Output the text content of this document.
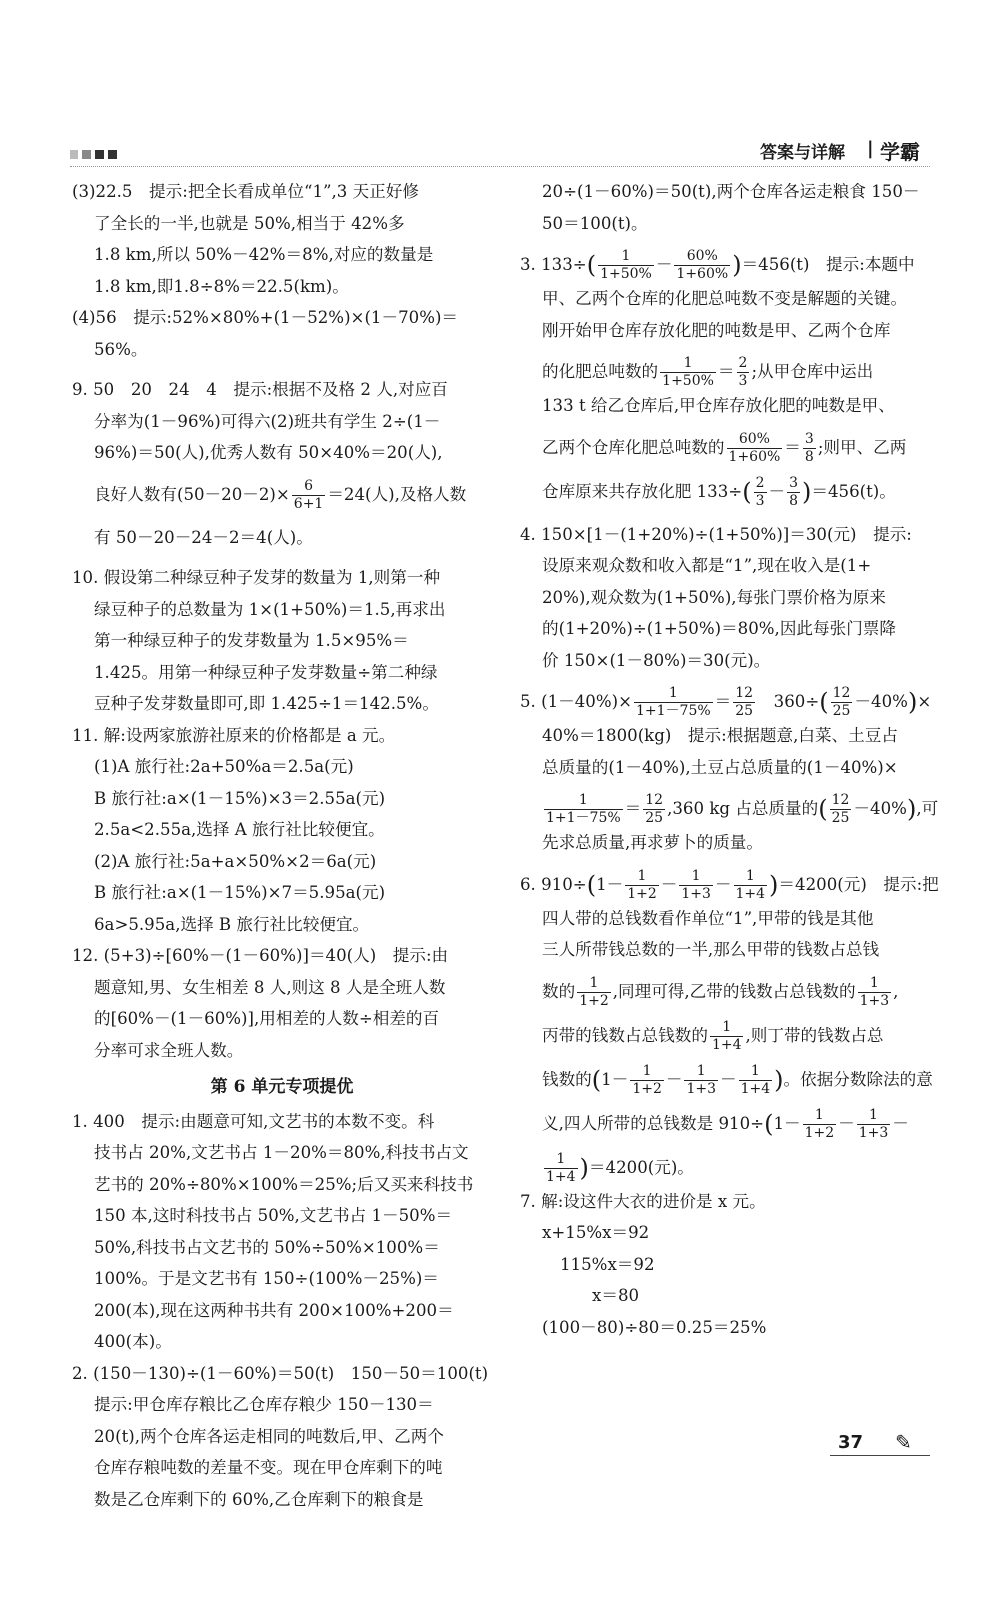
答案与详解 | 学霸

(3)22.5　提示:把全长看成单位“1”,3 天正好修

了全长的一半,也就是 50%,相当于 42%多

1.8 km,所以 50%－42%＝8%,对应的数量是

1.8 km,即1.8÷8%＝22.5(km)。

(4)56　提示:52%×80%+(1－52%)×(1－70%)＝

56%。

9. 50　20　24　4　提示:根据不及格 2 人,对应百

分率为(1－96%)可得六(2)班共有学生 2÷(1－

96%)＝50(人),优秀人数有 50×40%＝20(人),

良好人数有$(50-20-2)\times \frac{6}{6+1} =24$(人),及格人数

有 50－20－24－2＝4(人)。

10. 假设第二种绿豆种子发芽的数量为 1,则第一种

绿豆种子的总数量为 1×(1+50%)＝1.5,再求出

第一种绿豆种子的发芽数量为 1.5×95%＝

1.425。用第一种绿豆种子发芽数量÷第二种绿

豆种子发芽数量即可,即 1.425÷1＝142.5%。

11. 解:设两家旅游社原来的价格都是 a 元。

(1)A 旅行社:2a+50%a＝2.5a(元)

B 旅行社:a×(1－15%)×3＝2.55a(元)

2.5a<2.55a,选择 A 旅行社比较便宜。

(2)A 旅行社:5a+a×50%×2＝6a(元)

B 旅行社:a×(1－15%)×7＝5.95a(元)

6a>5.95a,选择 B 旅行社比较便宜。

12. (5+3)÷[60%－(1－60%)]＝40(人)　提示:由

题意知,男、女生相差 8 人,则这 8 人是全班人数

的[60%－(1－60%)],用相差的人数÷相差的百

分率可求全班人数。

第 6 单元专项提优

1. 400　提示:由题意可知,文艺书的本数不变。科

技书占 20%,文艺书占 1－20%＝80%,科技书占文

艺书的 20%÷80%×100%＝25%;后又买来科技书

150 本,这时科技书占 50%,文艺书占 1－50%＝

50%,科技书占文艺书的 50%÷50%×100%＝

100%。于是文艺书有 150÷(100%－25%)＝

200(本),现在这两种书共有 200×100%+200＝

400(本)。

2. (150－130)÷(1－60%)＝50(t)　150－50＝100(t)

提示:甲仓库存粮比乙仓库存粮少 150－130＝

20(t),两个仓库各运走相同的吨数后,甲、乙两个

仓库存粮吨数的差量不变。现在甲仓库剩下的吨

数是乙仓库剩下的 60%,乙仓库剩下的粮食是

20÷(1－60%)＝50(t),两个仓库各运走粮食 150－

50＝100(t)。

3. $133\div( \frac{1}{1+50\%} - \frac{60\%}{1+60\%} )=456(t)$　提示:本题中

甲、乙两个仓库的化肥总吨数不变是解题的关键。

刚开始甲仓库存放化肥的吨数是甲、乙两个仓库

的化肥总吨数的 $\frac{1}{1+50\%} = \frac{2}{3}$ ;从甲仓库中运出

133 t 给乙仓库后,甲仓库存放化肥的吨数是甲、

乙两个仓库化肥总吨数的 $\frac{60\%}{1+60\%} = \frac{3}{8}$ ;则甲、乙两

仓库原来共存放化肥 $133\div( \frac{2}{3} - \frac{3}{8} )=456(t)$。

4. 150×[1－(1+20%)÷(1+50%)]＝30(元)　提示:

设原来观众数和收入都是“1”,现在收入是(1+

20%),观众数为(1+50%),每张门票价格为原来

的(1+20%)÷(1+50%)＝80%,因此每张门票降

价 150×(1－80%)＝30(元)。

5. $(1-40\%)\times \frac{1}{1+1-75\%} = \frac{12}{25}$ 　$360\div( \frac{12}{25} -40\%)\times$

40%＝1800(kg)　提示:根据题意,白菜、土豆占

总质量的(1－40%),土豆占总质量的(1－40%)×

$\frac{1}{1+1-75\%} = \frac{12}{25} ,360$ kg 占总质量的( $\frac{12}{25} -40\%$),可

先求总质量,再求萝卜的质量。

6. $910\div(1- \frac{1}{1+2} - \frac{1}{1+3} - \frac{1}{1+4} )=4200$(元)　提示:把

四人带的总钱数看作单位“1”,甲带的钱是其他

三人所带钱总数的一半,那么甲带的钱数占总钱

数的 $\frac{1}{1+2}$ ,同理可得,乙带的钱数占总钱数的 $\frac{1}{1+3}$ ,

丙带的钱数占总钱数的 $\frac{1}{1+4}$ ,则丁带的钱数占总

钱数的($1- \frac{1}{1+2} - \frac{1}{1+3} - \frac{1}{1+4}$ )。依据分数除法的意

义,四人所带的总钱数是 $910\div(1- \frac{1}{1+2} - \frac{1}{1+3}$ －

$\frac{1}{1+4} )=4200$(元)。

7. 解:设这件大衣的进价是 x 元。

x+15%x＝92

115%x＝92

x＝80

(100－80)÷80＝0.25＝25%

37 ✎
